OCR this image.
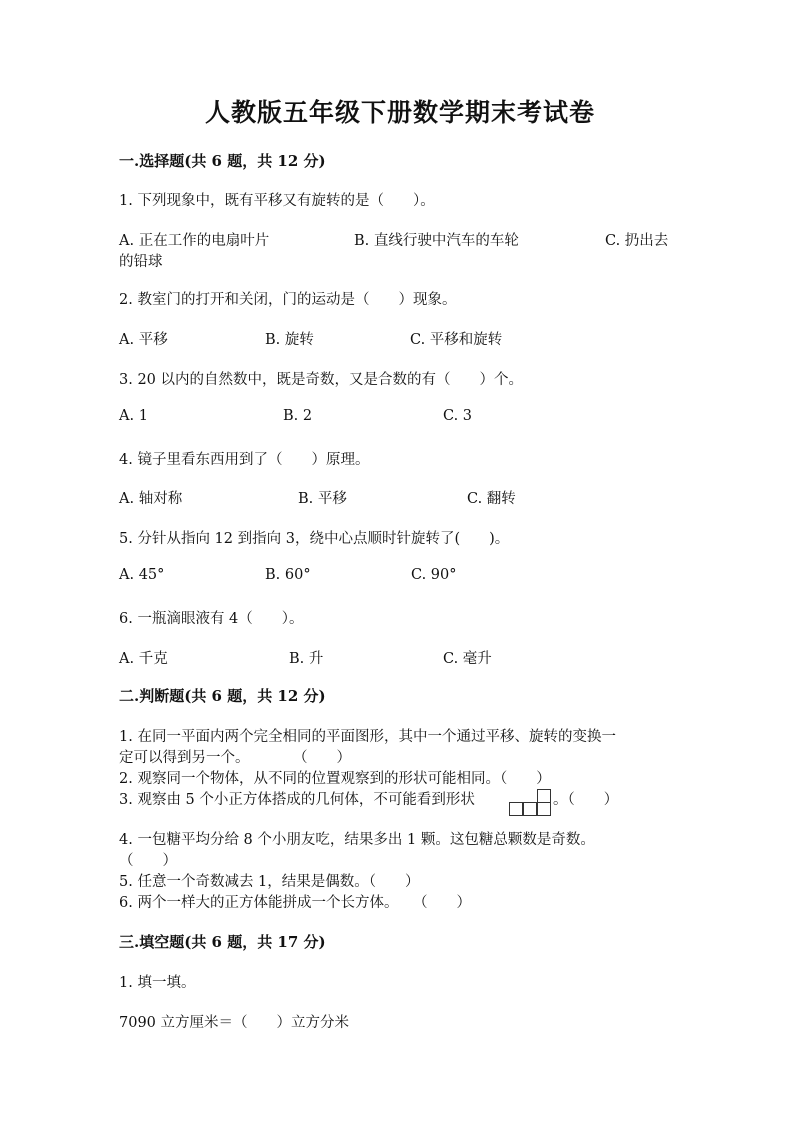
人教版五年级下册数学期末考试卷
一.选择题(共 6 题，共 12 分)
1. 下列现象中，既有平移又有旋转的是（　　）。
A. 正在工作的电扇叶片	B. 直线行驶中汽车的车轮	C. 扔出去
的铅球
2. 教室门的打开和关闭，门的运动是（　　）现象。
A. 平移	B. 旋转	C. 平移和旋转
3. 20 以内的自然数中，既是奇数，又是合数的有（　　）个。
A. 1	B. 2	C. 3
4. 镜子里看东西用到了（　　）原理。
A. 轴对称	B. 平移	C. 翻转
5. 分针从指向 12 到指向 3，绕中心点顺时针旋转了(　　)。
A. 45°	B. 60°	C. 90°
6. 一瓶滴眼液有 4（　　）。
A. 千克	B. 升	C. 毫升
二.判断题(共 6 题，共 12 分)
1. 在同一平面内两个完全相同的平面图形，其中一个通过平移、旋转的变换一
定可以得到另一个。　　　　（　　）
2. 观察同一个物体，从不同的位置观察到的形状可能相同。（　　）
3. 观察由 5 个小正方体搭成的几何体，不可能看到形状	。（　　）
4. 一包糖平均分给 8 个小朋友吃，结果多出 1 颗。这包糖总颗数是奇数。
（　　）
5. 任意一个奇数减去 1，结果是偶数。（　　）
6. 两个一样大的正方体能拼成一个长方体。　　（　　）
三.填空题(共 6 题，共 17 分)
1. 填一填。
7090 立方厘米＝（　　）立方分米
